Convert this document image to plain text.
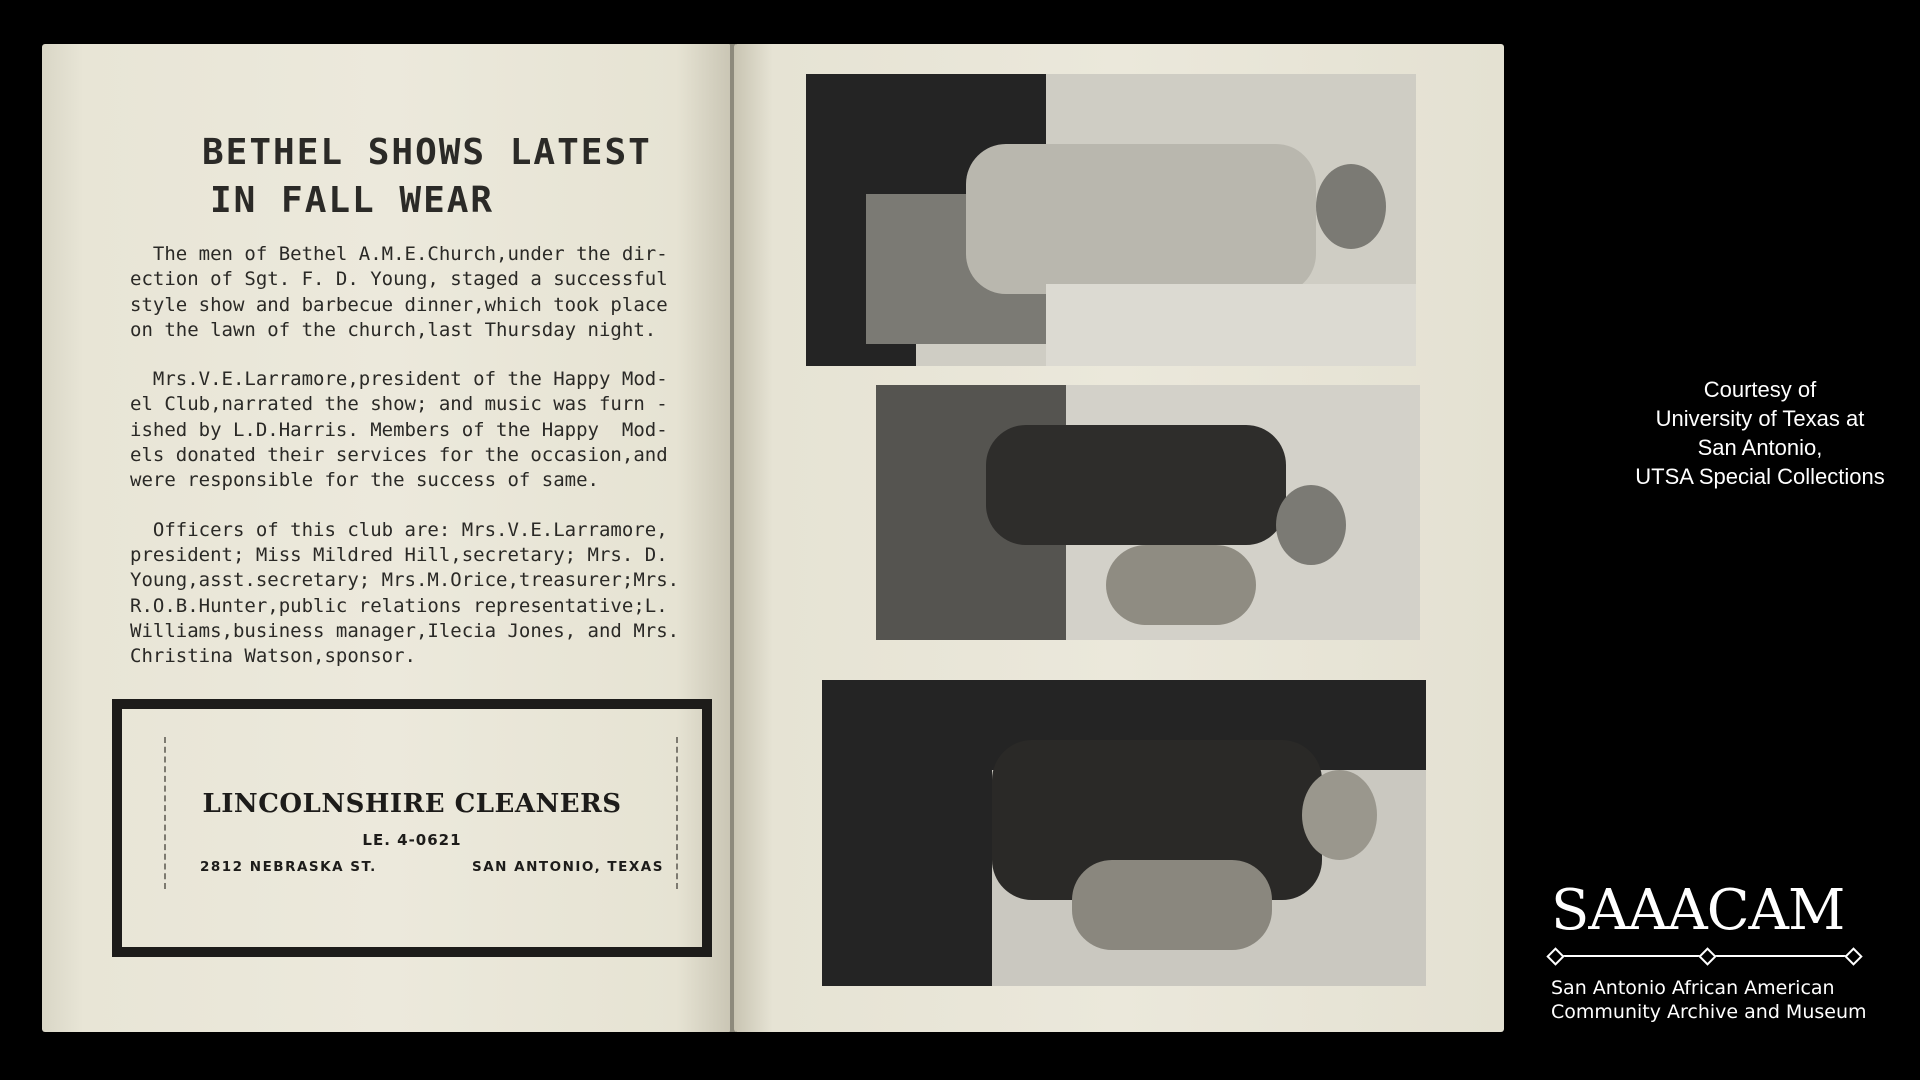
BETHEL SHOWS LATEST
IN FALL WEAR

The men of Bethel A.M.E.Church,under the dir-
ection of Sgt. F. D. Young, staged a successful
style show and barbecue dinner,which took place
on the lawn of the church,last Thursday night.

Mrs.V.E.Larramore,president of the Happy Mod-
el Club,narrated the show; and music was furn -
ished by L.D.Harris. Members of the Happy  Mod-
els donated their services for the occasion,and
were responsible for the success of same.

Officers of this club are: Mrs.V.E.Larramore,
president; Miss Mildred Hill,secretary; Mrs. D.
Young,asst.secretary; Mrs.M.Orice,treasurer;Mrs.
R.O.B.Hunter,public relations representative;L.
Williams,business manager,Ilecia Jones, and Mrs.
Christina Watson,sponsor.

LINCOLNSHIRE CLEANERS
LE. 4-0621
2812 NEBRASKA ST.	SAN ANTONIO, TEXAS

Courtesy of
University of Texas at
San Antonio,
UTSA Special Collections

SAAACAM

San Antonio African American
Community Archive and Museum
